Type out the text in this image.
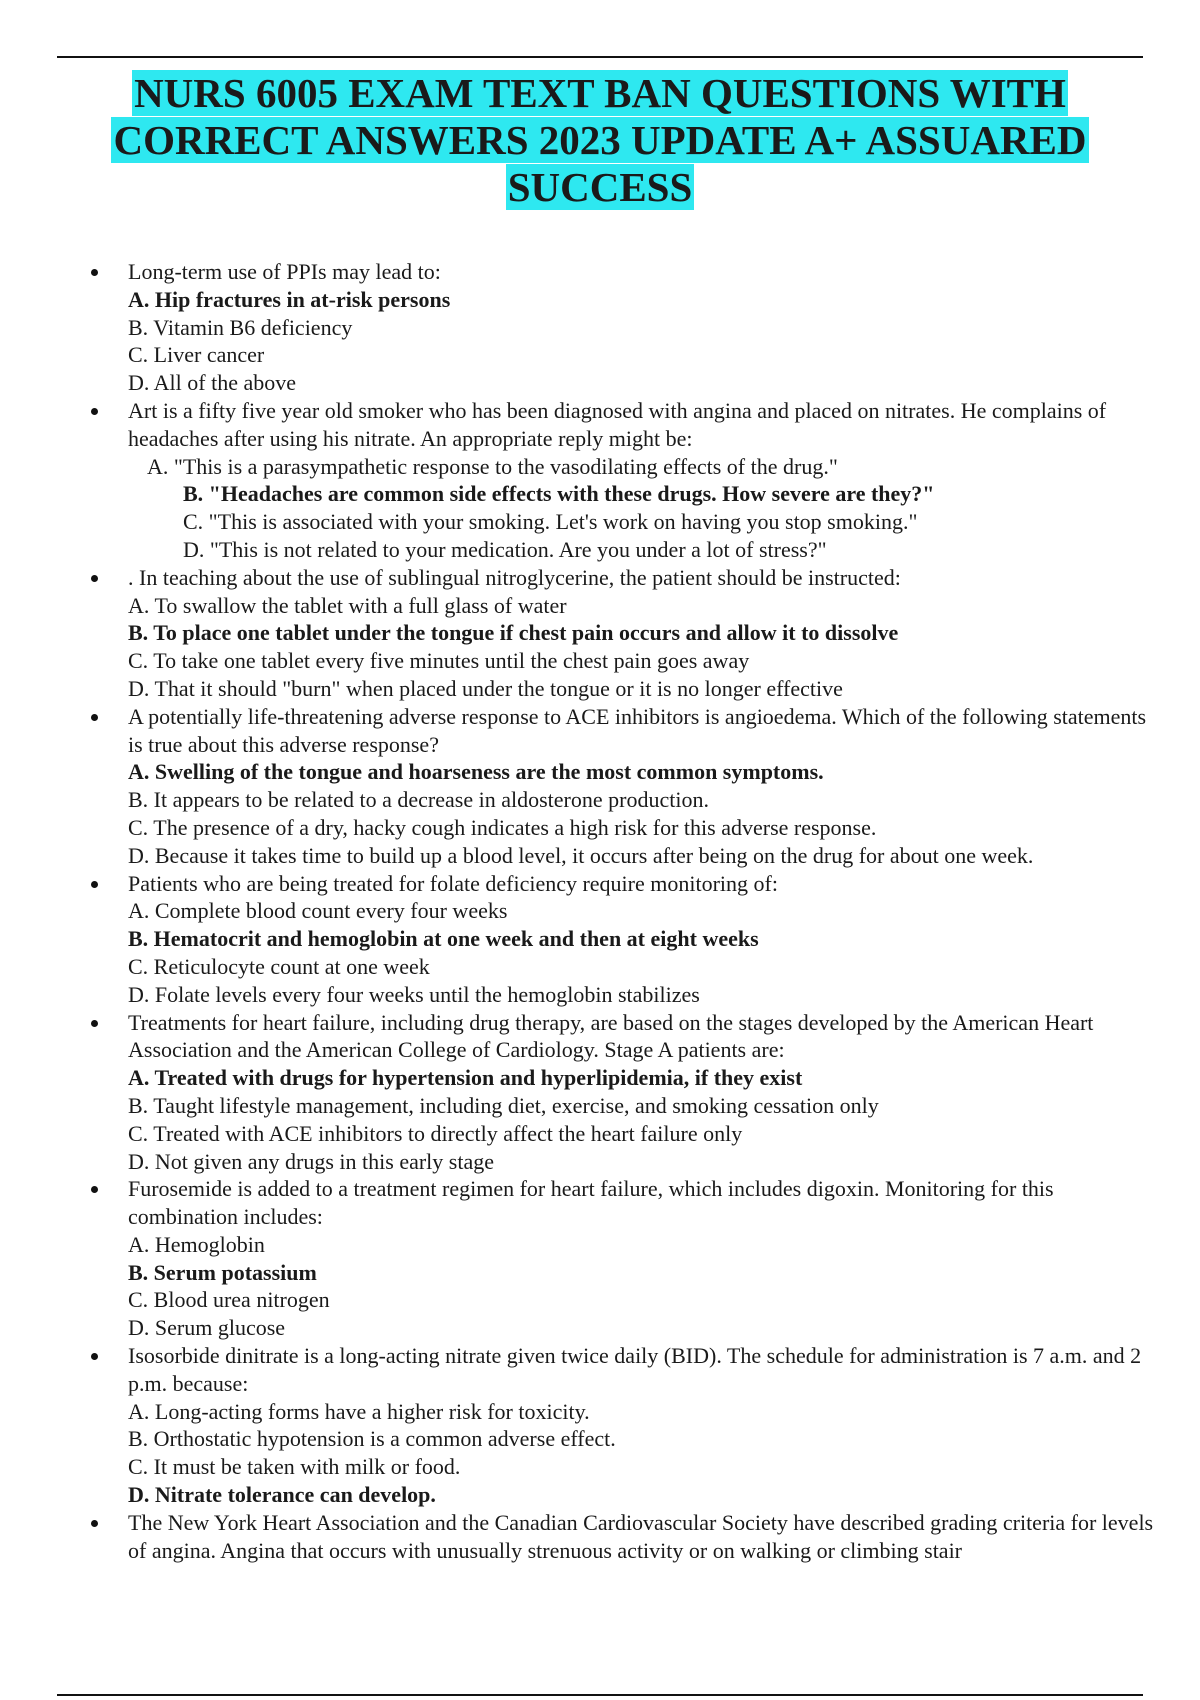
NURS 6005 EXAM TEXT BAN QUESTIONS WITH
CORRECT ANSWERS 2023 UPDATE A+ ASSUARED
SUCCESS
Long-term use of PPIs may lead to:
A. Hip fractures in at-risk persons
B. Vitamin B6 deficiency
C. Liver cancer
D. All of the above
Art is a fifty five year old smoker who has been diagnosed with angina and placed on nitrates. He complains of headaches after using his nitrate. An appropriate reply might be:
A. "This is a parasympathetic response to the vasodilating effects of the drug."
B. "Headaches are common side effects with these drugs. How severe are they?"
C. "This is associated with your smoking. Let's work on having you stop smoking."
D. "This is not related to your medication. Are you under a lot of stress?"
. In teaching about the use of sublingual nitroglycerine, the patient should be instructed:
A. To swallow the tablet with a full glass of water
B. To place one tablet under the tongue if chest pain occurs and allow it to dissolve
C. To take one tablet every five minutes until the chest pain goes away
D. That it should "burn" when placed under the tongue or it is no longer effective
A potentially life-threatening adverse response to ACE inhibitors is angioedema. Which of the following statements is true about this adverse response?
A. Swelling of the tongue and hoarseness are the most common symptoms.
B. It appears to be related to a decrease in aldosterone production.
C. The presence of a dry, hacky cough indicates a high risk for this adverse response.
D. Because it takes time to build up a blood level, it occurs after being on the drug for about one week.
Patients who are being treated for folate deficiency require monitoring of:
A. Complete blood count every four weeks
B. Hematocrit and hemoglobin at one week and then at eight weeks
C. Reticulocyte count at one week
D. Folate levels every four weeks until the hemoglobin stabilizes
Treatments for heart failure, including drug therapy, are based on the stages developed by the American Heart Association and the American College of Cardiology. Stage A patients are:
A. Treated with drugs for hypertension and hyperlipidemia, if they exist
B. Taught lifestyle management, including diet, exercise, and smoking cessation only
C. Treated with ACE inhibitors to directly affect the heart failure only
D. Not given any drugs in this early stage
Furosemide is added to a treatment regimen for heart failure, which includes digoxin. Monitoring for this combination includes:
A. Hemoglobin
B. Serum potassium
C. Blood urea nitrogen
D. Serum glucose
Isosorbide dinitrate is a long-acting nitrate given twice daily (BID). The schedule for administration is 7 a.m. and 2 p.m. because:
A. Long-acting forms have a higher risk for toxicity.
B. Orthostatic hypotension is a common adverse effect.
C. It must be taken with milk or food.
D. Nitrate tolerance can develop.
The New York Heart Association and the Canadian Cardiovascular Society have described grading criteria for levels of angina. Angina that occurs with unusually strenuous activity or on walking or climbing stair
